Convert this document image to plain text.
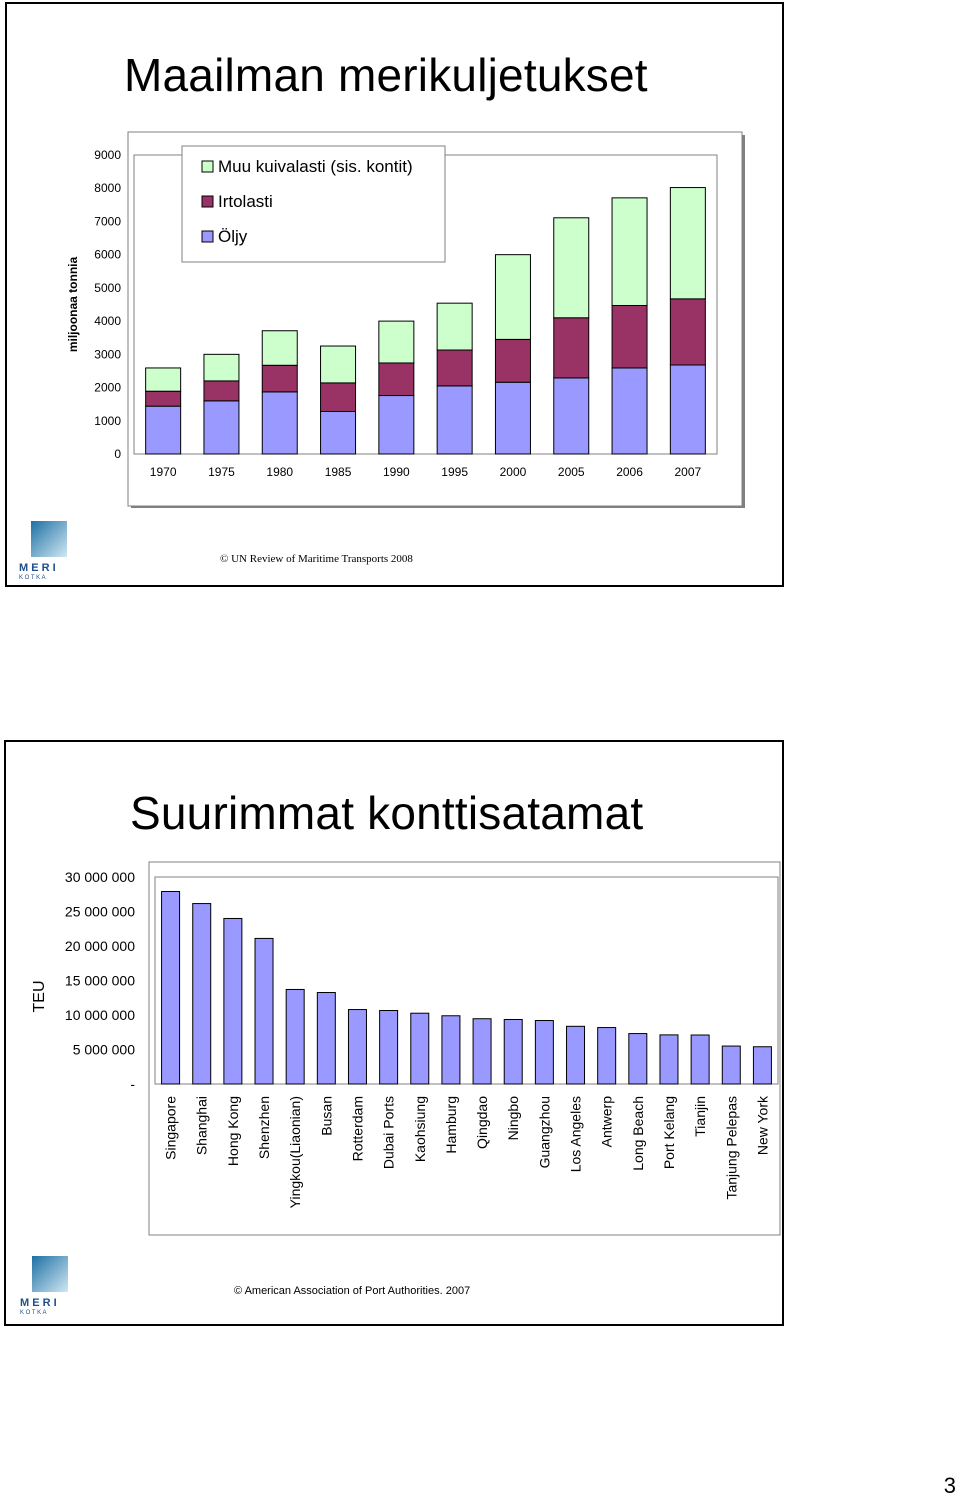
Maailman merikuljetukset
0
1000
2000
3000
4000
5000
6000
7000
8000
9000
miljoonaa tonnia
1970	1975	1980	1985	1990	1995	2000	2005	2006	2007
Muu kuivalasti (sis. kontit)
Irtolasti
Öljy
M E R I
K O T K A
© UN Review of Maritime Transports 2008
Suurimmat konttisatamat
-
5 000 000
10 000 000
15 000 000
20 000 000
25 000 000
30 000 000
TEU
Singapore Shanghai Hong Kong Shenzhen Yingkou(Liaonian) Busan Rotterdam Dubai Ports Kaohsiung Hamburg Qingdao Ningbo Guangzhou Los Angeles Antwerp Long Beach Port Kelang Tianjin Tanjung Pelepas New York
M E R I
K O T K A
© American Association of Port Authorities. 2007
3
